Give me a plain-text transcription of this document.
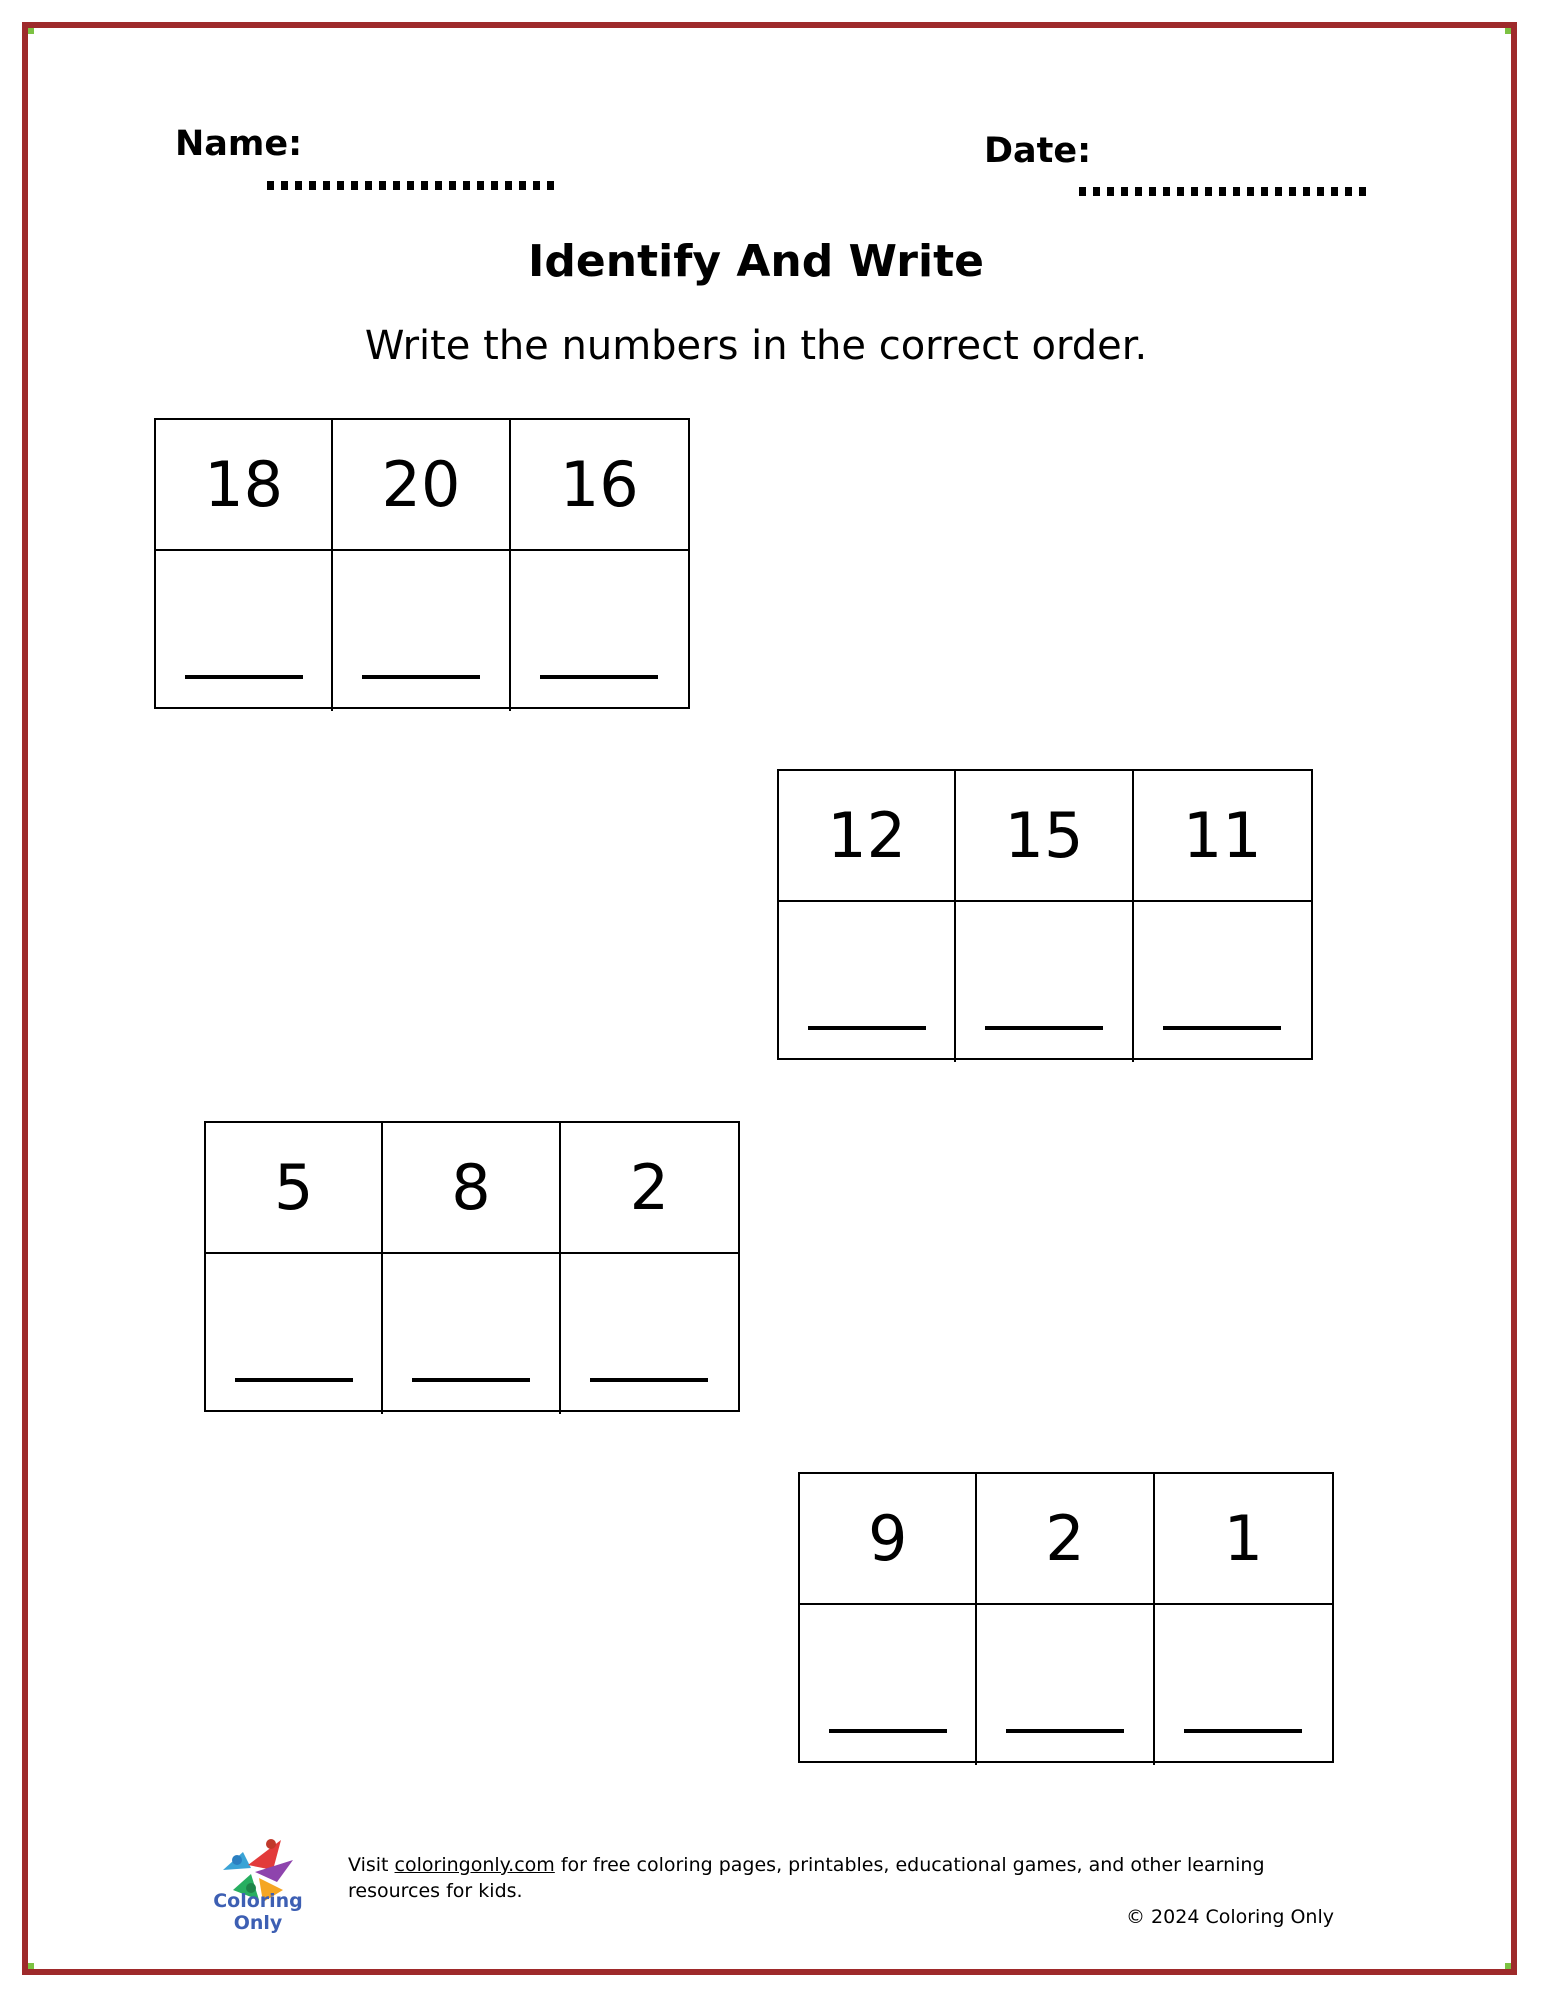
Name:	Date:
Identify And Write
Write the numbers in the correct order.
18	20	16
12	15	11
5	8	2
9	2	1
Coloring Only
Visit coloringonly.com for free coloring pages, printables, educational games, and other learning resources for kids.
© 2024 Coloring Only
